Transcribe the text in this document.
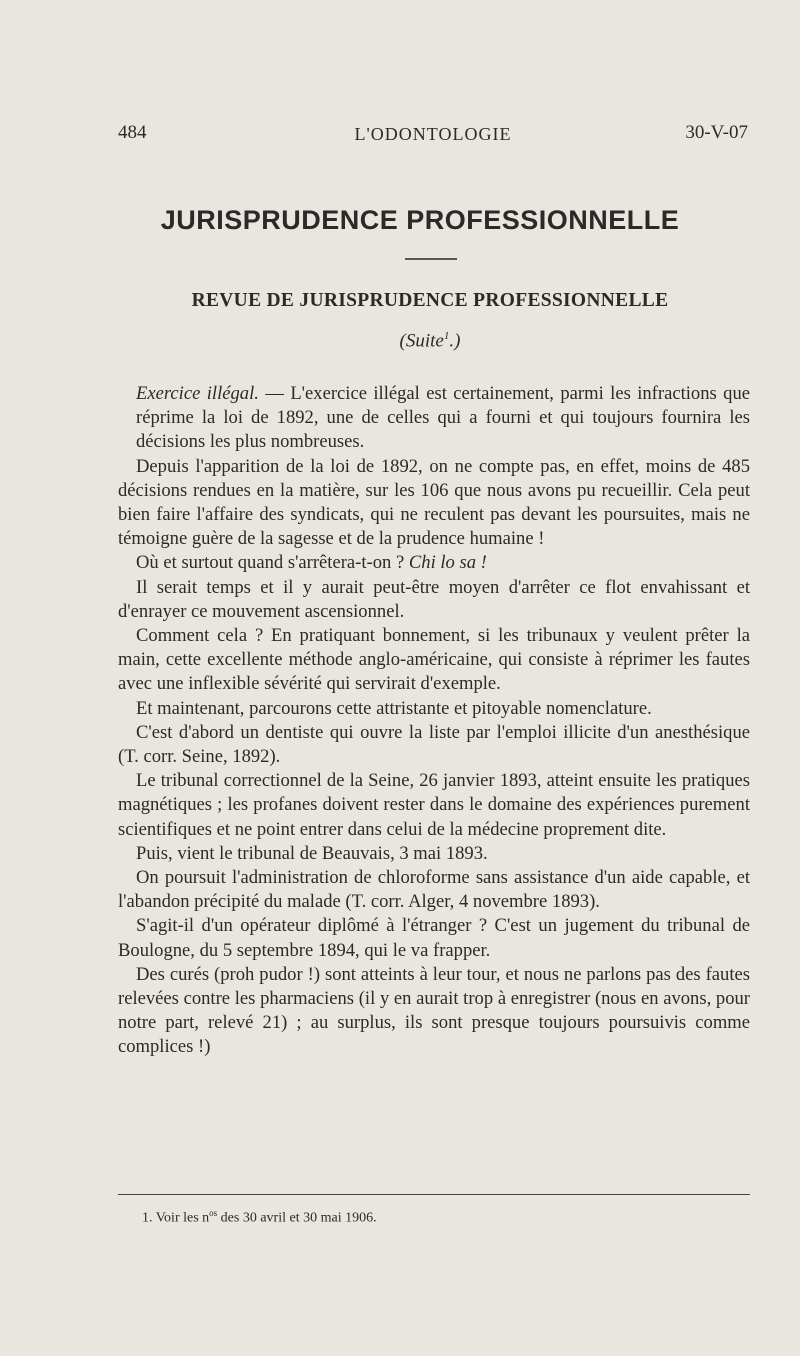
484	L'ODONTOLOGIE	30-V-07
JURISPRUDENCE PROFESSIONNELLE
REVUE DE JURISPRUDENCE PROFESSIONNELLE
(Suite$^1$.)

Exercice illégal. — L'exercice illégal est certainement, parmi les infractions que réprime la loi de 1892, une de celles qui a fourni et qui toujours fournira les décisions les plus nombreuses.

Depuis l'apparition de la loi de 1892, on ne compte pas, en effet, moins de 485 décisions rendues en la matière, sur les 106 que nous avons pu recueillir. Cela peut bien faire l'affaire des syndicats, qui ne reculent pas devant les poursuites, mais ne témoigne guère de la sagesse et de la prudence humaine !

Où et surtout quand s'arrêtera-t-on ? Chi lo sa !

Il serait temps et il y aurait peut-être moyen d'arrêter ce flot envahissant et d'enrayer ce mouvement ascensionnel.

Comment cela ? En pratiquant bonnement, si les tribunaux y veulent prêter la main, cette excellente méthode anglo-américaine, qui consiste à réprimer les fautes avec une inflexible sévérité qui servirait d'exemple.

Et maintenant, parcourons cette attristante et pitoyable nomenclature.

C'est d'abord un dentiste qui ouvre la liste par l'emploi illicite d'un anesthésique (T. corr. Seine, 1892).

Le tribunal correctionnel de la Seine, 26 janvier 1893, atteint ensuite les pratiques magnétiques ; les profanes doivent rester dans le domaine des expériences purement scientifiques et ne point entrer dans celui de la médecine proprement dite.

Puis, vient le tribunal de Beauvais, 3 mai 1893.

On poursuit l'administration de chloroforme sans assistance d'un aide capable, et l'abandon précipité du malade (T. corr. Alger, 4 novembre 1893).

S'agit-il d'un opérateur diplômé à l'étranger ? C'est un jugement du tribunal de Boulogne, du 5 septembre 1894, qui le va frapper.

Des curés (proh pudor !) sont atteints à leur tour, et nous ne parlons pas des fautes relevées contre les pharmaciens (il y en aurait trop à enregistrer (nous en avons, pour notre part, relevé 21) ; au surplus, ils sont presque toujours poursuivis comme complices !)

1. Voir les $n^{os}$ des 30 avril et 30 mai 1906.
